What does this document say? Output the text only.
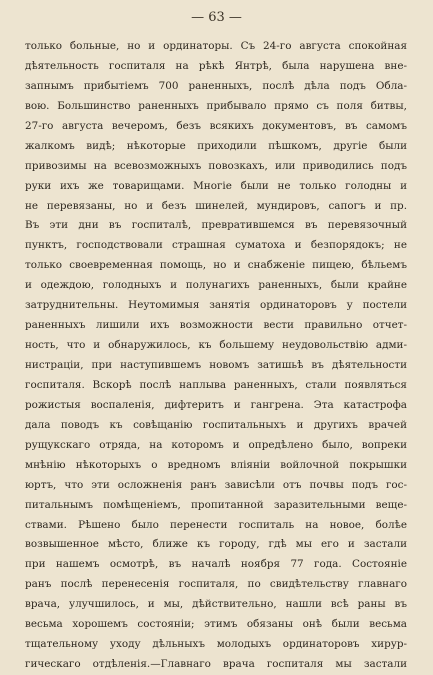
— 63 —
только больные, но и ординаторы. Съ 24-го августа спокойная
дѣятельность госпиталя на рѣкѣ Янтрѣ, была нарушена вне-
запнымъ прибытіемъ 700 раненныхъ, послѣ дѣла подъ Обла-
вою. Большинство раненныхъ прибывало прямо съ поля битвы,
27-го августа вечеромъ, безъ всякихъ документовъ, въ самомъ
жалкомъ видѣ; нѣкоторые приходили пѣшкомъ, другіе были
привозимы на всевозможныхъ повозкахъ, или приводились подъ
руки ихъ же товарищами. Многіе были не только голодны и
не перевязаны, но и безъ шинелей, мундировъ, сапогъ и пр.
Въ эти дни въ госпиталѣ, превратившемся въ перевязочный
пунктъ, господствовали страшная суматоха и безпорядокъ; не
только своевременная помощь, но и снабженіе пищею, бѣльемъ
и одеждою, голодныхъ и полунагихъ раненныхъ, были крайне
затруднительны. Неутомимыя занятія ординаторовъ у постели
раненныхъ лишили ихъ возможности вести правильно отчет-
ность, что и обнаружилось, къ большему неудовольствію адми-
нистраціи, при наступившемъ новомъ затишьѣ въ дѣятельности
госпиталя. Вскорѣ послѣ наплыва раненныхъ, стали появляться
рожистыя воспаленія, дифтеритъ и гангрена. Эта катастрофа
дала поводъ къ совѣщанію госпитальныхъ и другихъ врачей
рущукскаго отряда, на которомъ и опредѣлено было, вопреки
мнѣнію нѣкоторыхъ о вредномъ вліяніи войлочной покрышки
юртъ, что эти осложненія ранъ зависѣли отъ почвы подъ гос-
питальнымъ помѣщеніемъ, пропитанной заразительными веще-
ствами. Рѣшено было перенести госпиталь на новое, болѣе
возвышенное мѣсто, ближе къ городу, гдѣ мы его и застали
при нашемъ осмотрѣ, въ началѣ ноября 77 года. Состояніе
ранъ послѣ перенесенія госпиталя, по свидѣтельству главнаго
врача, улучшилось, и мы, дѣйствительно, нашли всѣ раны въ
весьма хорошемъ состояніи; этимъ обязаны онѣ были весьма
тщательному уходу дѣльныхъ молодыхъ ординаторовъ хирур-
гическаго отдѣленія.—Главнаго врача госпиталя мы застали
